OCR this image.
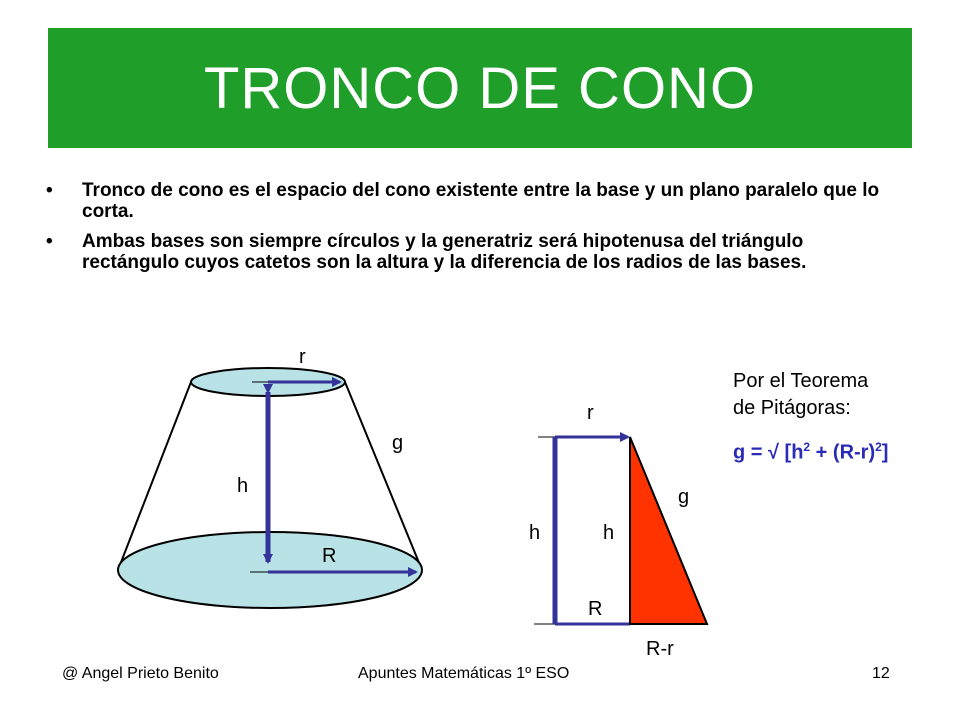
TRONCO DE CONO
• Tronco de cono es el espacio del cono existente entre la base y un plano paralelo que lo corta.
• Ambas bases son siempre círculos y la generatriz será hipotenusa del triángulo rectángulo cuyos catetos son la altura y la diferencia de los radios de las bases.
r
g
h
R
r
g
h	h
R
R-r
Por el Teorema
de Pitágoras:
g = √ $[h^2 + (R-r)^2]$
@ Angel Prieto Benito	Apuntes Matemáticas 1º ESO	12
